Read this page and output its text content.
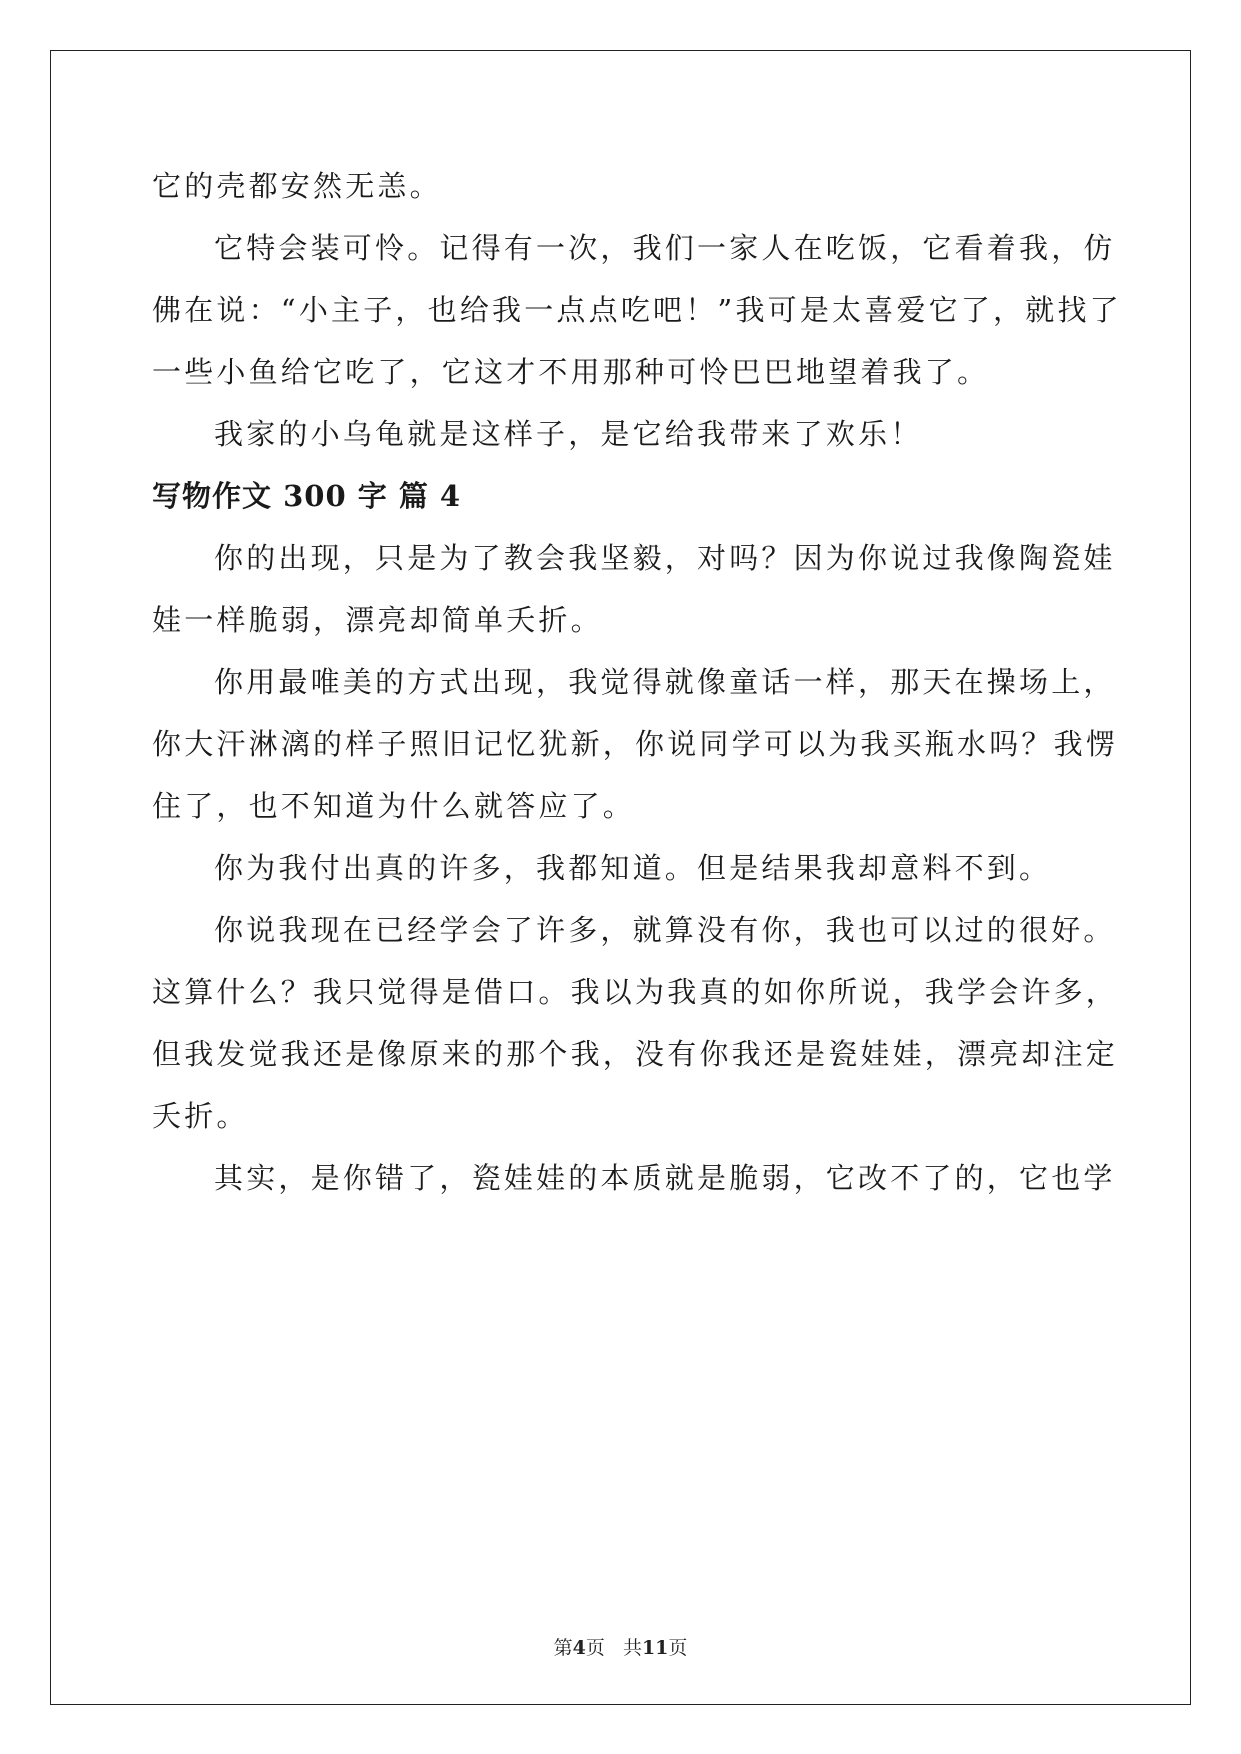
它的壳都安然无恙。

它特会装可怜。记得有一次，我们一家人在吃饭，它看着我，仿
佛在说：“小主子，也给我一点点吃吧！”我可是太喜爱它了，就找了
一些小鱼给它吃了，它这才不用那种可怜巴巴地望着我了。

我家的小乌龟就是这样子，是它给我带来了欢乐！

写物作文 300 字 篇 4

你的出现，只是为了教会我坚毅，对吗？因为你说过我像陶瓷娃
娃一样脆弱，漂亮却简单夭折。

你用最唯美的方式出现，我觉得就像童话一样，那天在操场上，
你大汗淋漓的样子照旧记忆犹新，你说同学可以为我买瓶水吗？我愣
住了，也不知道为什么就答应了。

你为我付出真的许多，我都知道。但是结果我却意料不到。

你说我现在已经学会了许多，就算没有你，我也可以过的很好。
这算什么？我只觉得是借口。我以为我真的如你所说，我学会许多，
但我发觉我还是像原来的那个我，没有你我还是瓷娃娃，漂亮却注定
夭折。

其实，是你错了，瓷娃娃的本质就是脆弱，它改不了的，它也学

第4页   共11页
